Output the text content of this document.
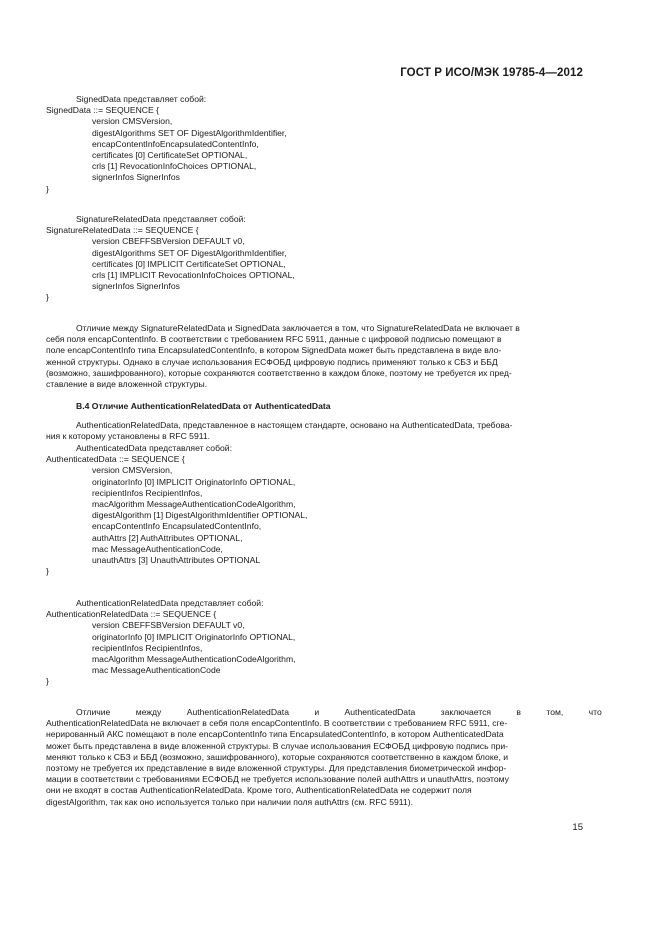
ГОСТ Р ИСО/МЭК 19785-4—2012
SignedData представляет собой:
SignedData ::= SEQUENCE {
version CMSVersion,
digestAlgorithms SET OF DigestAlgorithmIdentifier,
encapContentInfoEncapsulatedContentInfo,
certificates [0] CertificateSet OPTIONAL,
crls [1] RevocationInfoChoices OPTIONAL,
signerInfos SignerInfos
}
SignatureRelatedData представляет собой:
SignatureRelatedData ::= SEQUENCE {
version CBEFFSBVersion DEFAULT v0,
digestAlgorithms SET OF DigestAlgorithmIdentifier,
certificates [0] IMPLICIT CertificateSet OPTIONAL,
crls [1] IMPLICIT RevocationInfoChoices OPTIONAL,
signerInfos SignerInfos
}
Отличие между SignatureRelatedData и SignedData заключается в том, что SignatureRelatedData не включает в
себя поля encapContentInfo. В соответствии с требованием RFC 5911, данные с цифровой подписью помещают в
поле encapContentInfo типа EncapsulatedContentInfo, в котором SignedData может быть представлена в виде вло-
женной структуры. Однако в случае использования ЕСФОБД цифровую подпись применяют только к СБЗ и ББД
(возможно, зашифрованного), которые сохраняются соответственно в каждом блоке, поэтому не требуется их пред-
ставление в виде вложенной структуры.
В.4 Отличие AuthenticationRelatedData от AuthenticatedData
AuthenticationRelatedData, представленное в настоящем стандарте, основано на AuthenticatedData, требова-
ния к которому установлены в RFC 5911.
AuthenticatedData представляет собой:
AuthenticatedData ::= SEQUENCE {
version CMSVersion,
originatorInfo [0] IMPLICIT OriginatorInfo OPTIONAL,
recipientInfos RecipientInfos,
macAlgorithm MessageAuthenticationCodeAlgorithm,
digestAlgorithm [1] DigestAlgorithmIdentifier OPTIONAL,
encapContentInfo EncapsulatedContentInfo,
authAttrs [2] AuthAttributes OPTIONAL,
mac MessageAuthenticationCode,
unauthAttrs [3] UnauthAttributes OPTIONAL
}
AuthenticationRelatedData представляет собой:
AuthenticationRelatedData ::= SEQUENCE {
version CBEFFSBVersion DEFAULT v0,
originatorInfo [0] IMPLICIT OriginatorInfo OPTIONAL,
recipientInfos RecipientInfos,
macAlgorithm MessageAuthenticationCodeAlgorithm,
mac MessageAuthenticationCode
}
Отличие между AuthenticationRelatedData и AuthenticatedData заключается в том, что
AuthenticationRelatedData не включает в себя поля encapContentInfo. В соответствии с требованием RFC 5911, сге-
нерированный АКС помещают в поле encapContentInfo типа EncapsulatedContentInfo, в котором AuthenticatedData
может быть представлена в виде вложенной структуры. В случае использования ЕСФОБД цифровую подпись при-
меняют только к СБЗ и ББД (возможно, зашифрованного), которые сохраняются соответственно в каждом блоке, и
поэтому не требуется их представление в виде вложенной структуры. Для представления биометрической инфор-
мации в соответствии с требованиями ЕСФОБД не требуется использование полей authAttrs и unauthAttrs, поэтому
они не входят в состав AuthenticationRelatedData. Кроме того, AuthenticationRelatedData не содержит поля
digestAlgorithm, так как оно используется только при наличии поля authAttrs (см. RFC 5911).
15
